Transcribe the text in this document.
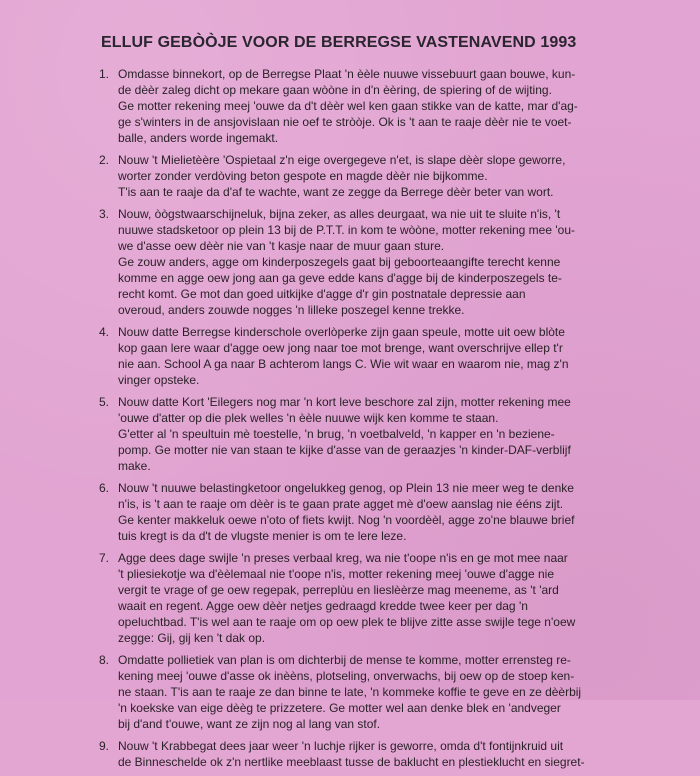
ELLUF GEBÒÒJE VOOR DE BERREGSE VASTENAVEND 1993
1. Omdasse binnekort, op de Berregse Plaat 'n èèle nuuwe vissebuurt gaan bouwe, kun-
de dèèr zaleg dicht op mekare gaan wòòne in d'n èèring, de spiering of de wijting.
Ge motter rekening meej 'ouwe da d't dèèr wel ken gaan stikke van de katte, mar d'ag-
ge s'winters in de ansjovislaan nie oef te stròòje. Ok is 't aan te raaje dèèr nie te voet-
balle, anders worde ingemakt.

2. Nouw 't Mielietèère 'Ospietaal z'n eige overgegeve n'et, is slape dèèr slope geworre,
worter zonder verdòving beton gespote en magde dèèr nie bijkomme.
T'is aan te raaje da d'af te wachte, want ze zegge da Berrege dèèr beter van wort.

3. Nouw, òògstwaarschijneluk, bijna zeker, as alles deurgaat, wa nie uit te sluite n'is, 't
nuuwe stadsketoor op plein 13 bij de P.T.T. in kom te wòòne, motter rekening mee 'ou-
we d'asse oew dèèr nie van 't kasje naar de muur gaan sture.
Ge zouw anders, agge om kinderposzegels gaat bij geboorteaangifte terecht kenne
komme en agge oew jong aan ga geve edde kans d'agge bij de kinderposzegels te-
recht komt. Ge mot dan goed uitkijke d'agge d'r gin postnatale depressie aan
overoud, anders zouwde nogges 'n lilleke poszegel kenne trekke.

4. Nouw datte Berregse kinderschole overlòperke zijn gaan speule, motte uit oew blòte
kop gaan lere waar d'agge oew jong naar toe mot brenge, want overschrijve ellep t'r
nie aan. School A ga naar B achterom langs C. Wie wit waar en waarom nie, mag z'n
vinger opsteke.

5. Nouw datte Kort 'Eilegers nog mar 'n kort leve beschore zal zijn, motter rekening mee
'ouwe d'atter op die plek welles 'n èèle nuuwe wijk ken komme te staan.
G'etter al 'n speultuin mè toestelle, 'n brug, 'n voetbalveld, 'n kapper en 'n beziene-
pomp. Ge motter nie van staan te kijke d'asse van de geraazjes 'n kinder-DAF-verblijf
make.

6. Nouw 't nuuwe belastingketoor ongelukkeg genog, op Plein 13 nie meer weg te denke
n'is, is 't aan te raaje om dèèr is te gaan prate agget mè d'oew aanslag nie ééns zijt.
Ge kenter makkeluk oewe n'oto of fiets kwijt. Nog 'n voordèèl, agge zo'ne blauwe brief
tuis kregt is da d't de vlugste menier is om te lere leze.

7. Agge dees dage swijle 'n preses verbaal kreg, wa nie t'oope n'is en ge mot mee naar
't pliesiekotje wa d'èèlemaal nie t'oope n'is, motter rekening meej 'ouwe d'agge nie
vergit te vrage of ge oew regepak, perreplùu en lieslèèrze mag meeneme, as 't 'ard
waait en regent. Agge oew dèèr netjes gedraagd kredde twee keer per dag 'n
opeluchtbad. T'is wel aan te raaje om op oew plek te blijve zitte asse swijle tege n'oew
zegge: Gij, gij ken 't dak op.

8. Omdatte pollietiek van plan is om dichterbij de mense te komme, motter errensteg re-
kening meej 'ouwe d'asse ok inèèns, plotseling, onverwachs, bij oew op de stoep ken-
ne staan. T'is aan te raaje ze dan binne te late, 'n kommeke koffie te geve en ze dèèrbij
'n koekske van eige dèèg te prizzetere. Ge motter wel aan denke blek en 'andveger
bij d'and t'ouwe, want ze zijn nog al lang van stof.

9. Nouw 't Krabbegat dees jaar weer 'n luchje rijker is geworre, omda d't fontijnkruid uit
de Binneschelde ok z'n nertlike meeblaast tusse de baklucht en plestieklucht en siegret-
